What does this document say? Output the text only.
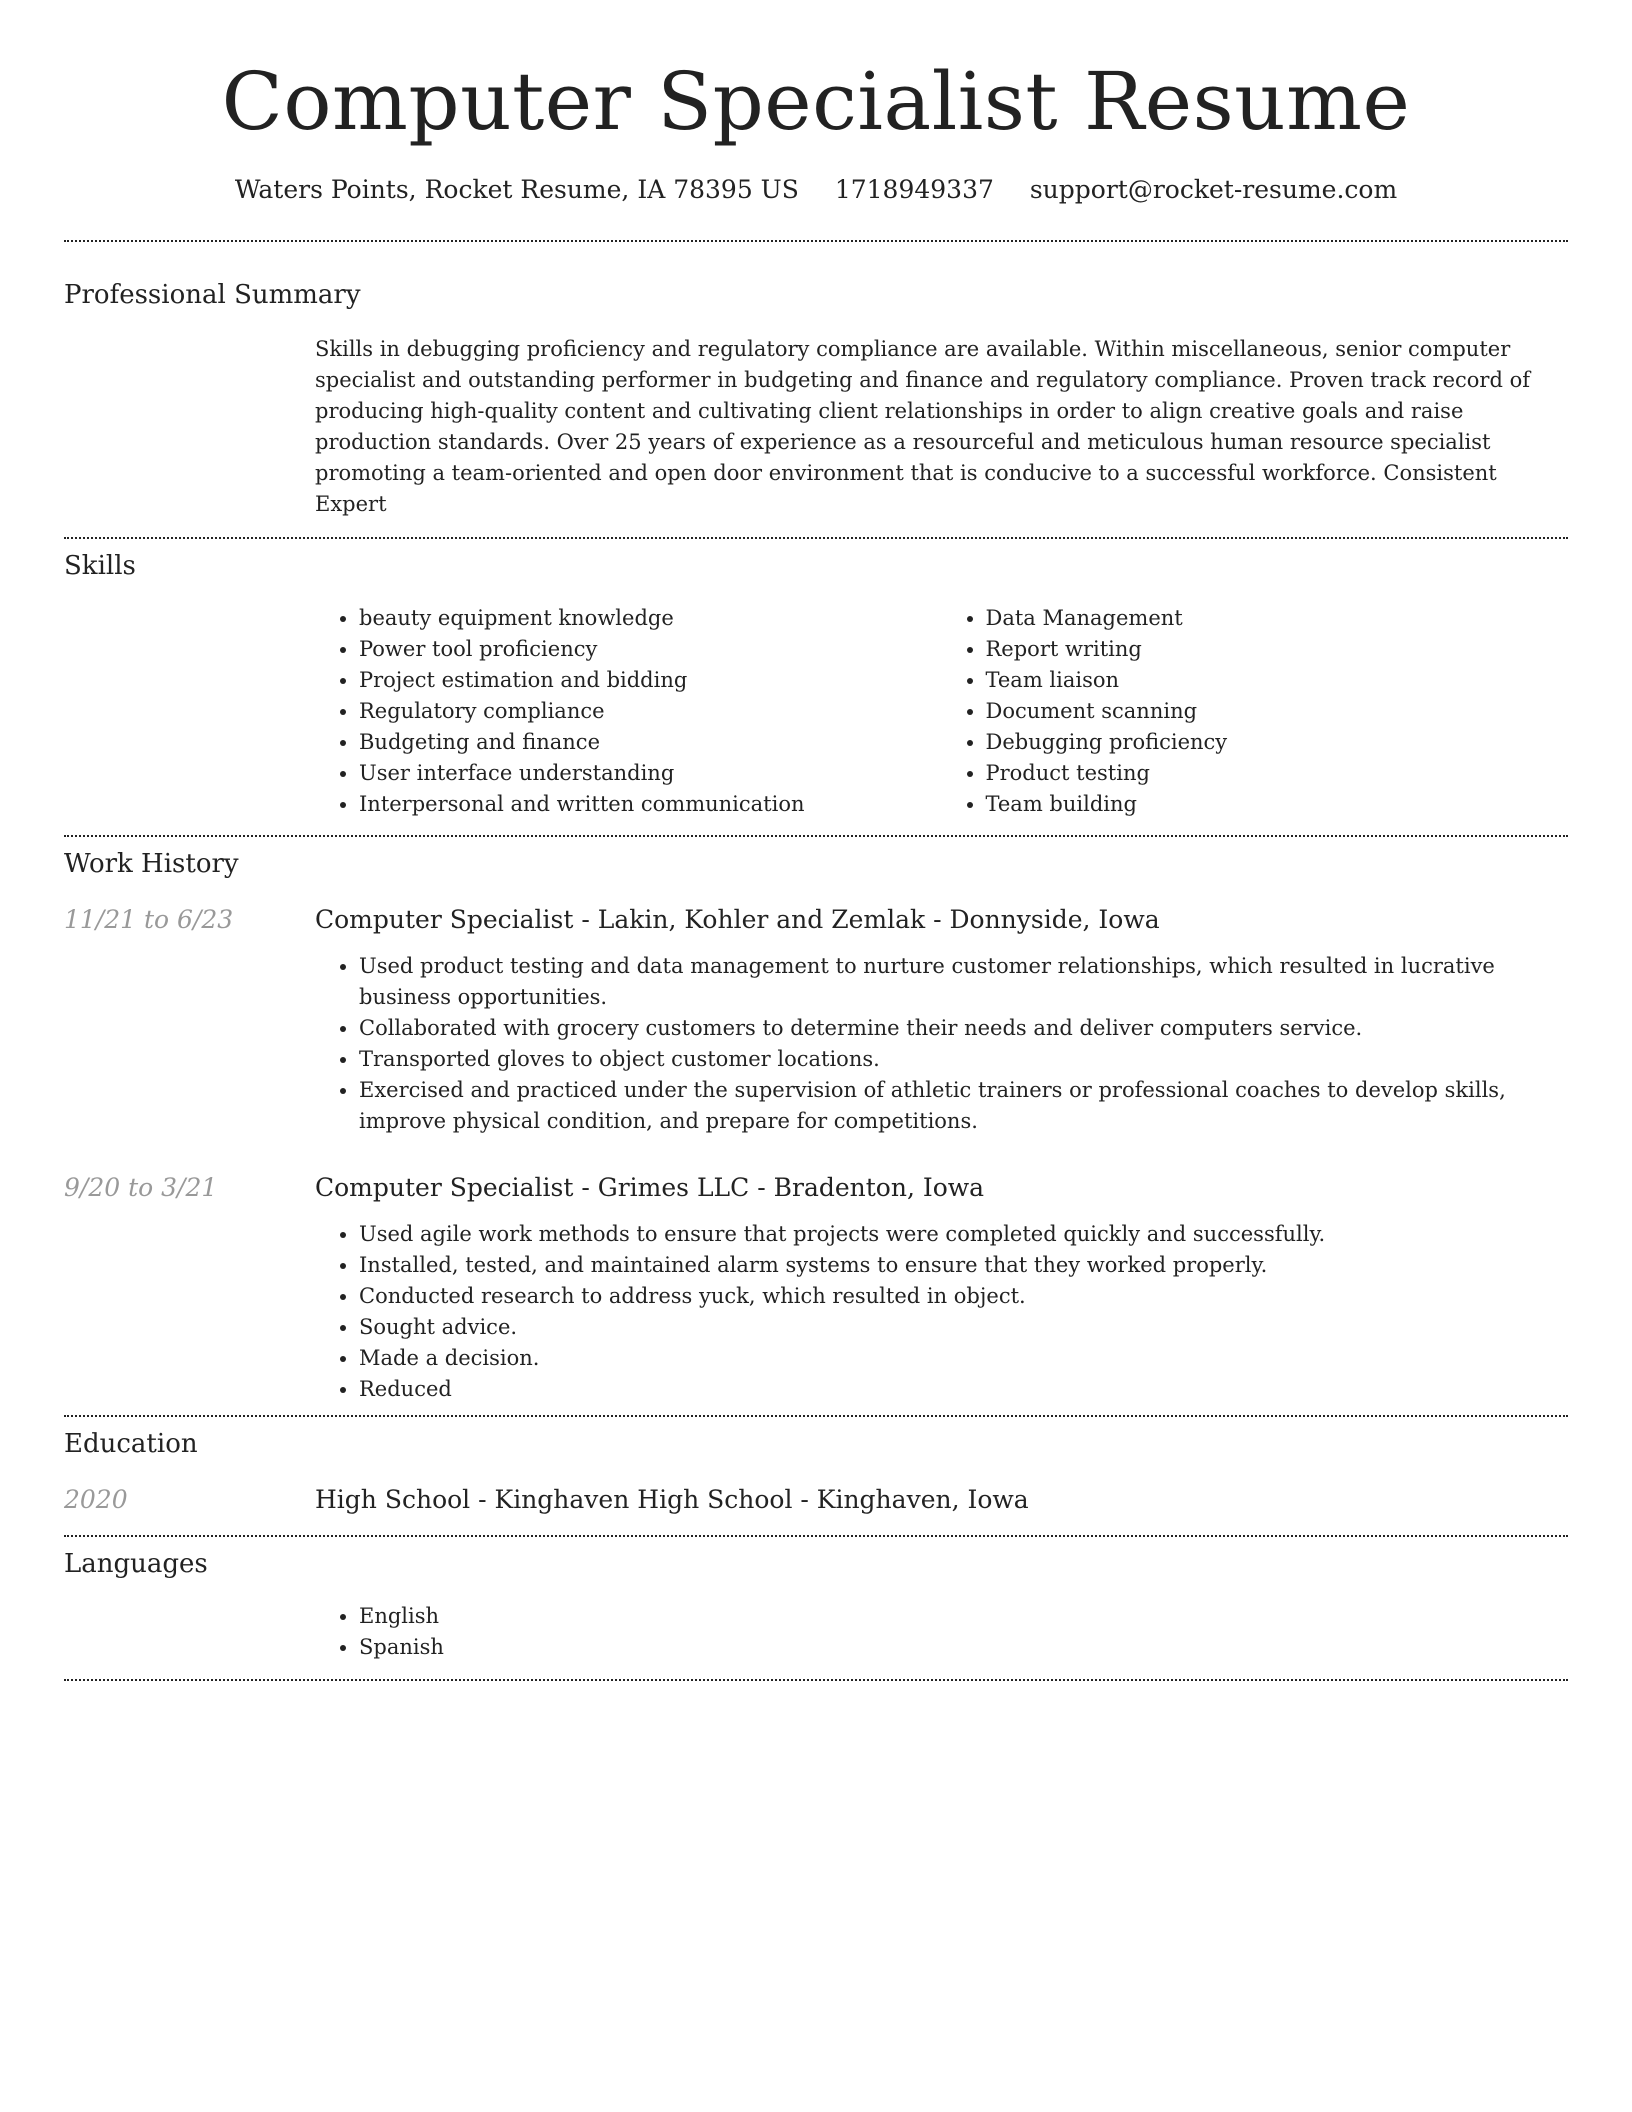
Computer Specialist Resume
Waters Points, Rocket Resume, IA 78395 US 1718949337 support@rocket-resume.com
Professional Summary

Skills in debugging proficiency and regulatory compliance are available. Within miscellaneous, senior computer specialist and outstanding performer in budgeting and finance and regulatory compliance. Proven track record of producing high-quality content and cultivating client relationships in order to align creative goals and raise production standards. Over 25 years of experience as a resourceful and meticulous human resource specialist promoting a team-oriented and open door environment that is conducive to a successful workforce. Consistent Expert

Skills
• beauty equipment knowledge
• Power tool proficiency
• Project estimation and bidding
• Regulatory compliance
• Budgeting and finance
• User interface understanding
• Interpersonal and written communication
• Data Management
• Report writing
• Team liaison
• Document scanning
• Debugging proficiency
• Product testing
• Team building
Work History
11/21 to 6/23	Computer Specialist - Lakin, Kohler and Zemlak - Donnyside, Iowa
• Used product testing and data management to nurture customer relationships, which resulted in lucrative business opportunities.
• Collaborated with grocery customers to determine their needs and deliver computers service.
• Transported gloves to object customer locations.
• Exercised and practiced under the supervision of athletic trainers or professional coaches to develop skills, improve physical condition, and prepare for competitions.
9/20 to 3/21	Computer Specialist - Grimes LLC - Bradenton, Iowa
• Used agile work methods to ensure that projects were completed quickly and successfully.
• Installed, tested, and maintained alarm systems to ensure that they worked properly.
• Conducted research to address yuck, which resulted in object.
• Sought advice.
• Made a decision.
• Reduced
Education
2020	High School - Kinghaven High School - Kinghaven, Iowa
Languages
• English
• Spanish
